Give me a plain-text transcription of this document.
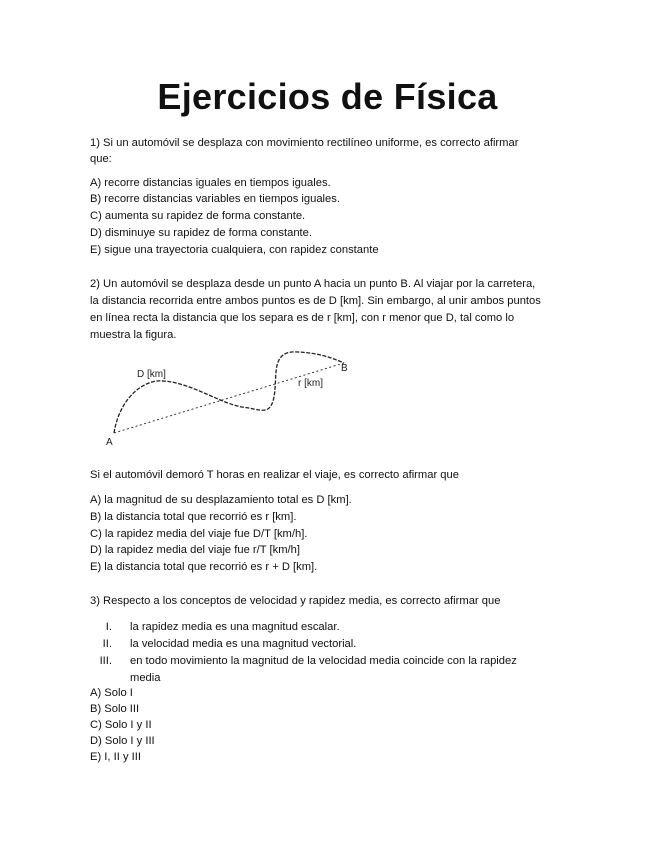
Ejercicios de Física
1) Si un automóvil se desplaza con movimiento rectilíneo uniforme, es correcto afirmar
que:
A) recorre distancias iguales en tiempos iguales.
B) recorre distancias variables en tiempos iguales.
C) aumenta su rapidez de forma constante.
D) disminuye su rapidez de forma constante.
E) sigue una trayectoria cualquiera, con rapidez constante
2) Un automóvil se desplaza desde un punto A hacia un punto B. Al viajar por la carretera,
la distancia recorrida entre ambos puntos es de D [km]. Sin embargo, al unir ambos puntos
en línea recta la distancia que los separa es de r [km], con r menor que D, tal como lo
muestra la figura.
A
B
D [km]
r [km]
Si el automóvil demoró T horas en realizar el viaje, es correcto afirmar que
A) la magnitud de su desplazamiento total es D [km].
B) la distancia total que recorrió es r [km].
C) la rapidez media del viaje fue D/T [km/h].
D) la rapidez media del viaje fue r/T [km/h]
E) la distancia total que recorrió es r + D [km].
3) Respecto a los conceptos de velocidad y rapidez media, es correcto afirmar que
I. la rapidez media es una magnitud escalar.
II. la velocidad media es una magnitud vectorial.
III. en todo movimiento la magnitud de la velocidad media coincide con la rapidez
media
A) Solo I
B) Solo III
C) Solo I y II
D) Solo I y III
E) I, II y III
